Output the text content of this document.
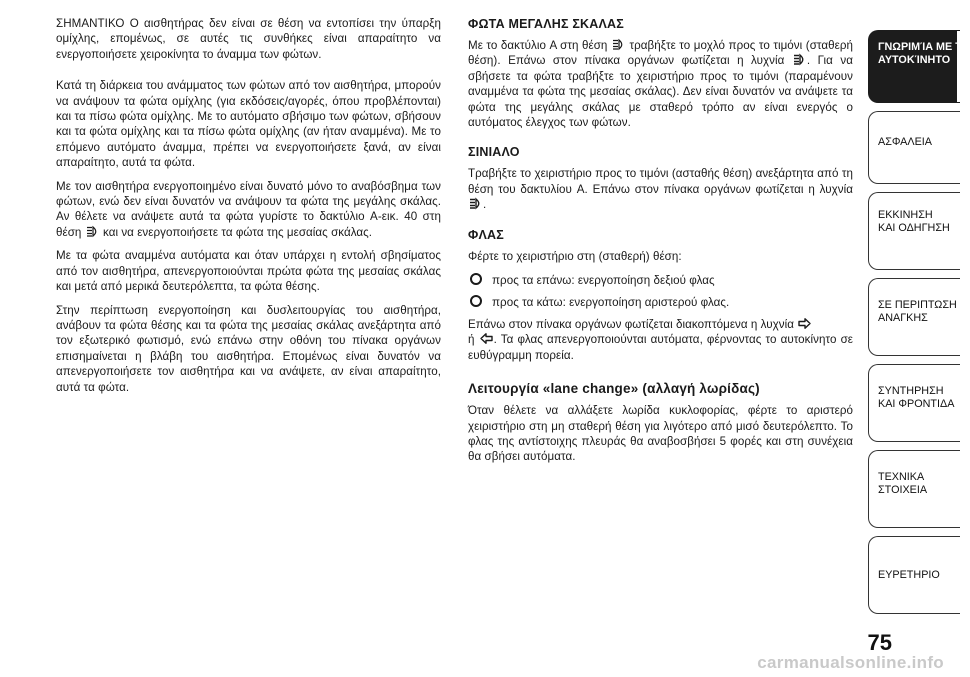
ΣΗΜΑΝΤΙΚΟ Ο αισθητήρας δεν είναι σε θέση να εντοπίσει την ύπαρξη ομίχλης, επομένως, σε αυτές τις συνθήκες είναι απαραίτητο να ενεργοποιήσετε χειροκίνητα το άναμμα των φώτων.

Κατά τη διάρκεια του ανάμματος των φώτων από τον αισθητήρα, μπορούν να ανάψουν τα φώτα ομίχλης (για εκδόσεις/αγορές, όπου προβλέπονται) και τα πίσω φώτα ομίχλης. Με το αυτόματο σβήσιμο των φώτων, σβήσουν και τα φώτα ομίχλης και τα πίσω φώτα ομίχλης (αν ήταν αναμμένα). Με το επόμενο αυτόματο άναμμα, πρέπει να ενεργοποιήσετε ξανά, αν είναι απαραίτητο, αυτά τα φώτα.

Με τον αισθητήρα ενεργοποιημένο είναι δυνατό μόνο το αναβόσβημα των φώτων, ενώ δεν είναι δυνατόν να ανάψουν τα φώτα της μεγάλης σκάλας. Αν θέλετε να ανάψετε αυτά τα φώτα γυρίστε το δακτύλιο A-εικ. 40 στη θέση και να ενεργοποιήσετε τα φώτα της μεσαίας σκάλας.

Με τα φώτα αναμμένα αυτόματα και όταν υπάρχει η εντολή σβησίματος από τον αισθητήρα, απενεργοποιούνται πρώτα φώτα της μεσαίας σκάλας και μετά από μερικά δευτερόλεπτα, τα φώτα θέσης.

Στην περίπτωση ενεργοποίηση και δυσλειτουργίας του αισθητήρα, ανάβουν τα φώτα θέσης και τα φώτα της μεσαίας σκάλας ανεξάρτητα από τον εξωτερικό φωτισμό, ενώ επάνω στην οθόνη του πίνακα οργάνων επισημαίνεται η βλάβη του αισθητήρα. Επομένως είναι δυνατόν να απενεργοποιήσετε τον αισθητήρα και να ανάψετε, αν είναι απαραίτητο, αυτά τα φώτα.

ΦΩΤΑ ΜΕΓΑΛΗΣ ΣΚΑΛΑΣ

Με το δακτύλιο A στη θέση τραβήξτε το μοχλό προς το τιμόνι (σταθερή θέση). Επάνω στον πίνακα οργάνων φωτίζεται η λυχνία . Για να σβήσετε τα φώτα τραβήξτε το χειριστήριο προς το τιμόνι (παραμένουν αναμμένα τα φώτα της μεσαίας σκάλας). Δεν είναι δυνατόν να ανάψετε τα φώτα της μεγάλης σκάλας με σταθερό τρόπο αν είναι ενεργός ο αυτόματος έλεγχος των φώτων.

ΣΙΝΙΑΛΟ

Τραβήξτε το χειριστήριο προς το τιμόνι (ασταθής θέση) ανεξάρτητα από τη θέση του δακτυλίου A. Επάνω στον πίνακα οργάνων φωτίζεται η λυχνία .

ΦΛΑΣ

Φέρτε το χειριστήριο στη (σταθερή) θέση:

προς τα επάνω: ενεργοποίηση δεξιού φλας
προς τα κάτω: ενεργοποίηση αριστερού φλας.

Επάνω στον πίνακα οργάνων φωτίζεται διακοπτόμενα η λυχνία
ή . Τα φλας απενεργοποιούνται αυτόματα, φέρνοντας το αυτοκίνητο σε ευθύγραμμη πορεία.

Λειτουργία «lane change» (αλλαγή λωρίδας)

Όταν θέλετε να αλλάξετε λωρίδα κυκλοφορίας, φέρτε το αριστερό χειριστήριο στη μη σταθερή θέση για λιγότερο από μισό δευτερόλεπτο. Το φλας της αντίστοιχης πλευράς θα αναβοσβήσει 5 φορές και στη συνέχεια θα σβήσει αυτόματα.

ΓΝΩΡΙΜΊΑ ΜΕ ΤΟ
ΑΥΤΟΚΊΝΗΤΟ
ΑΣΦΑΛΕΙΑ
ΕΚΚΙΝΗΣΗ
ΚΑΙ ΟΔΗΓΗΣΗ
ΣΕ ΠΕΡΙΠΤΩΣΗ
ΑΝΑΓΚΗΣ
ΣΥΝΤΗΡΗΣΗ
ΚΑΙ ΦΡΟΝΤΙΔΑ
ΤΕΧΝΙΚΑ
ΣΤΟΙΧΕΙΑ
ΕΥΡΕΤΗΡΙΟ
75
carmanualsonline.info
